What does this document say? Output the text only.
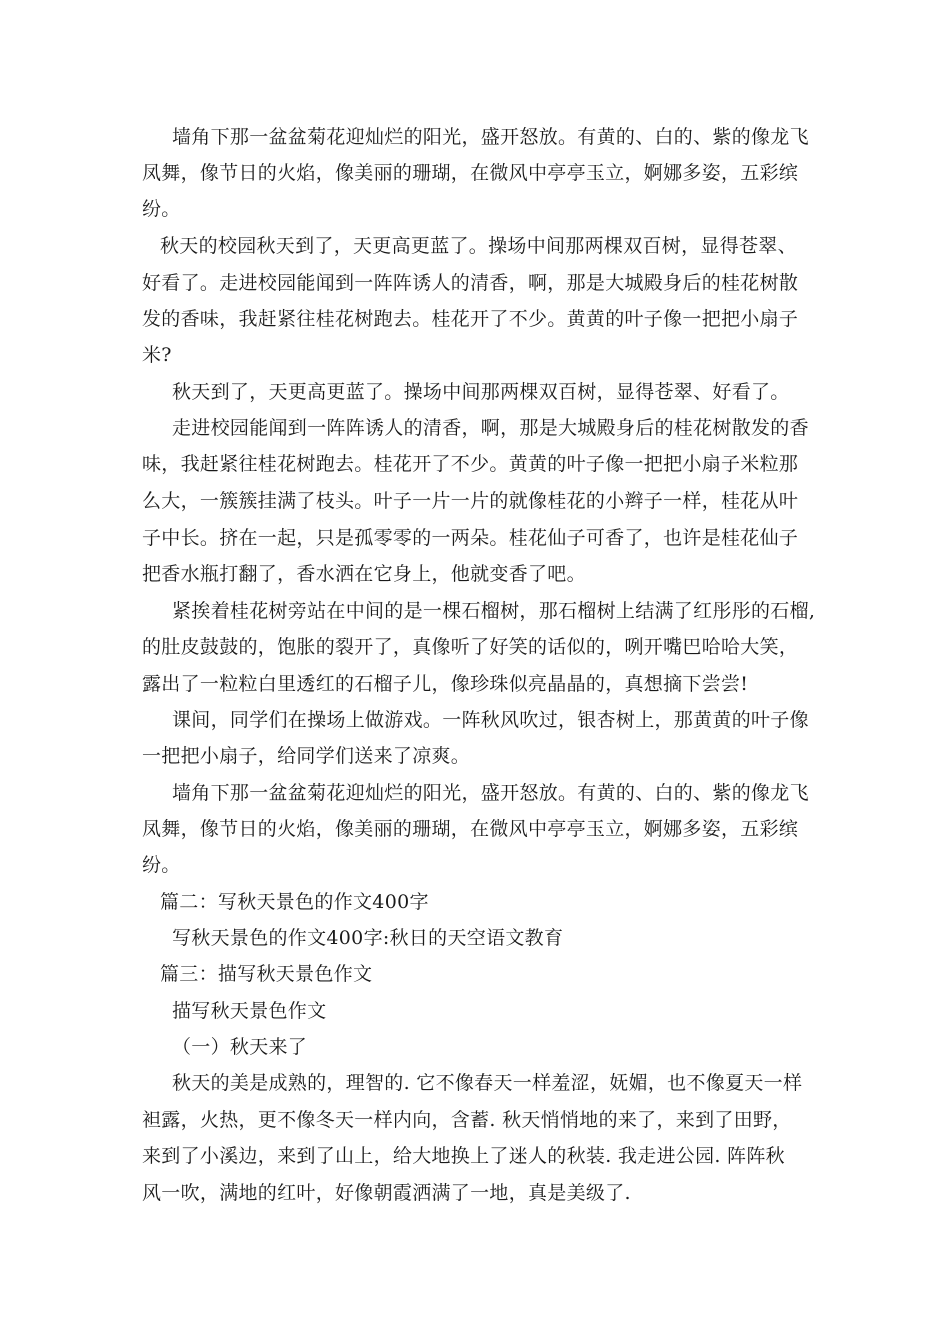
墙角下那一盆盆菊花迎灿烂的阳光，盛开怒放。有黄的、白的、紫的像龙飞
凤舞，像节日的火焰，像美丽的珊瑚，在微风中亭亭玉立，婀娜多姿，五彩缤
纷。
秋天的校园秋天到了，天更高更蓝了。操场中间那两棵双百树，显得苍翠、
好看了。走进校园能闻到一阵阵诱人的清香，啊，那是大城殿身后的桂花树散
发的香味，我赶紧往桂花树跑去。桂花开了不少。黄黄的叶子像一把把小扇子
米?
秋天到了，天更高更蓝了。操场中间那两棵双百树，显得苍翠、好看了。
走进校园能闻到一阵阵诱人的清香，啊，那是大城殿身后的桂花树散发的香
味，我赶紧往桂花树跑去。桂花开了不少。黄黄的叶子像一把把小扇子米粒那
么大，一簇簇挂满了枝头。叶子一片一片的就像桂花的小辫子一样，桂花从叶
子中长。挤在一起，只是孤零零的一两朵。桂花仙子可香了，也许是桂花仙子
把香水瓶打翻了，香水洒在它身上，他就变香了吧。
紧挨着桂花树旁站在中间的是一棵石榴树，那石榴树上结满了红彤彤的石榴,
的肚皮鼓鼓的，饱胀的裂开了，真像听了好笑的话似的，咧开嘴巴哈哈大笑，
露出了一粒粒白里透红的石榴子儿，像珍珠似亮晶晶的，真想摘下尝尝!
课间，同学们在操场上做游戏。一阵秋风吹过，银杏树上，那黄黄的叶子像
一把把小扇子，给同学们送来了凉爽。
墙角下那一盆盆菊花迎灿烂的阳光，盛开怒放。有黄的、白的、紫的像龙飞
凤舞，像节日的火焰，像美丽的珊瑚，在微风中亭亭玉立，婀娜多姿，五彩缤
纷。
篇二：写秋天景色的作文400字
写秋天景色的作文400字:秋日的天空语文教育
篇三：描写秋天景色作文
描写秋天景色作文
（一）秋天来了
秋天的美是成熟的，理智的. 它不像春天一样羞涩，妩媚，也不像夏天一样
袒露，火热，更不像冬天一样内向，含蓄. 秋天悄悄地的来了，来到了田野，
来到了小溪边，来到了山上，给大地换上了迷人的秋装. 我走进公园. 阵阵秋
风一吹，满地的红叶，好像朝霞洒满了一地，真是美级了.
